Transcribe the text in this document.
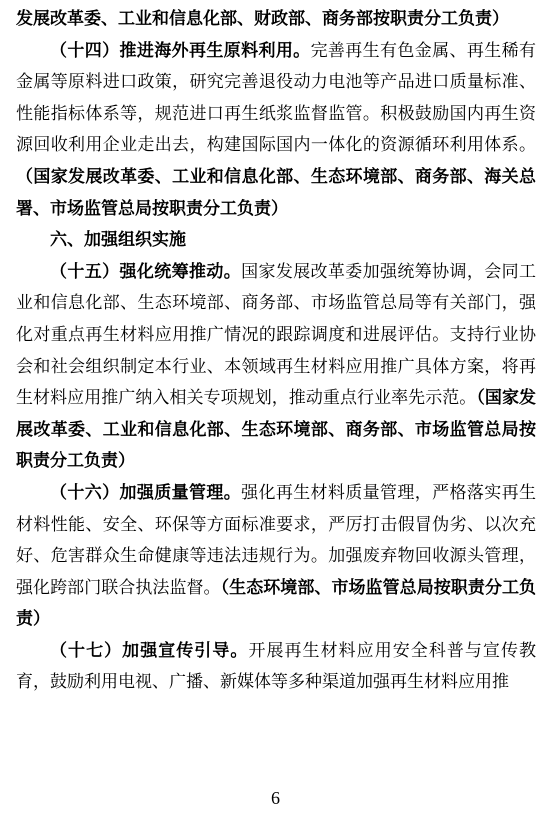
发展改革委、工业和信息化部、财政部、商务部按职责分工负责）

（十四）推进海外再生原料利用。完善再生有色金属、再生稀有金属等原料进口政策，研究完善退役动力电池等产品进口质量标准、性能指标体系等，规范进口再生纸浆监督监管。积极鼓励国内再生资源回收利用企业走出去，构建国际国内一体化的资源循环利用体系。（国家发展改革委、工业和信息化部、生态环境部、商务部、海关总署、市场监管总局按职责分工负责）

六、加强组织实施

（十五）强化统筹推动。国家发展改革委加强统筹协调，会同工业和信息化部、生态环境部、商务部、市场监管总局等有关部门，强化对重点再生材料应用推广情况的跟踪调度和进展评估。支持行业协会和社会组织制定本行业、本领域再生材料应用推广具体方案，将再生材料应用推广纳入相关专项规划，推动重点行业率先示范。（国家发展改革委、工业和信息化部、生态环境部、商务部、市场监管总局按职责分工负责）

（十六）加强质量管理。强化再生材料质量管理，严格落实再生材料性能、安全、环保等方面标准要求，严厉打击假冒伪劣、以次充好、危害群众生命健康等违法违规行为。加强废弃物回收源头管理，强化跨部门联合执法监督。（生态环境部、市场监管总局按职责分工负责）

（十七）加强宣传引导。开展再生材料应用安全科普与宣传教育，鼓励利用电视、广播、新媒体等多种渠道加强再生材料应用推

6
